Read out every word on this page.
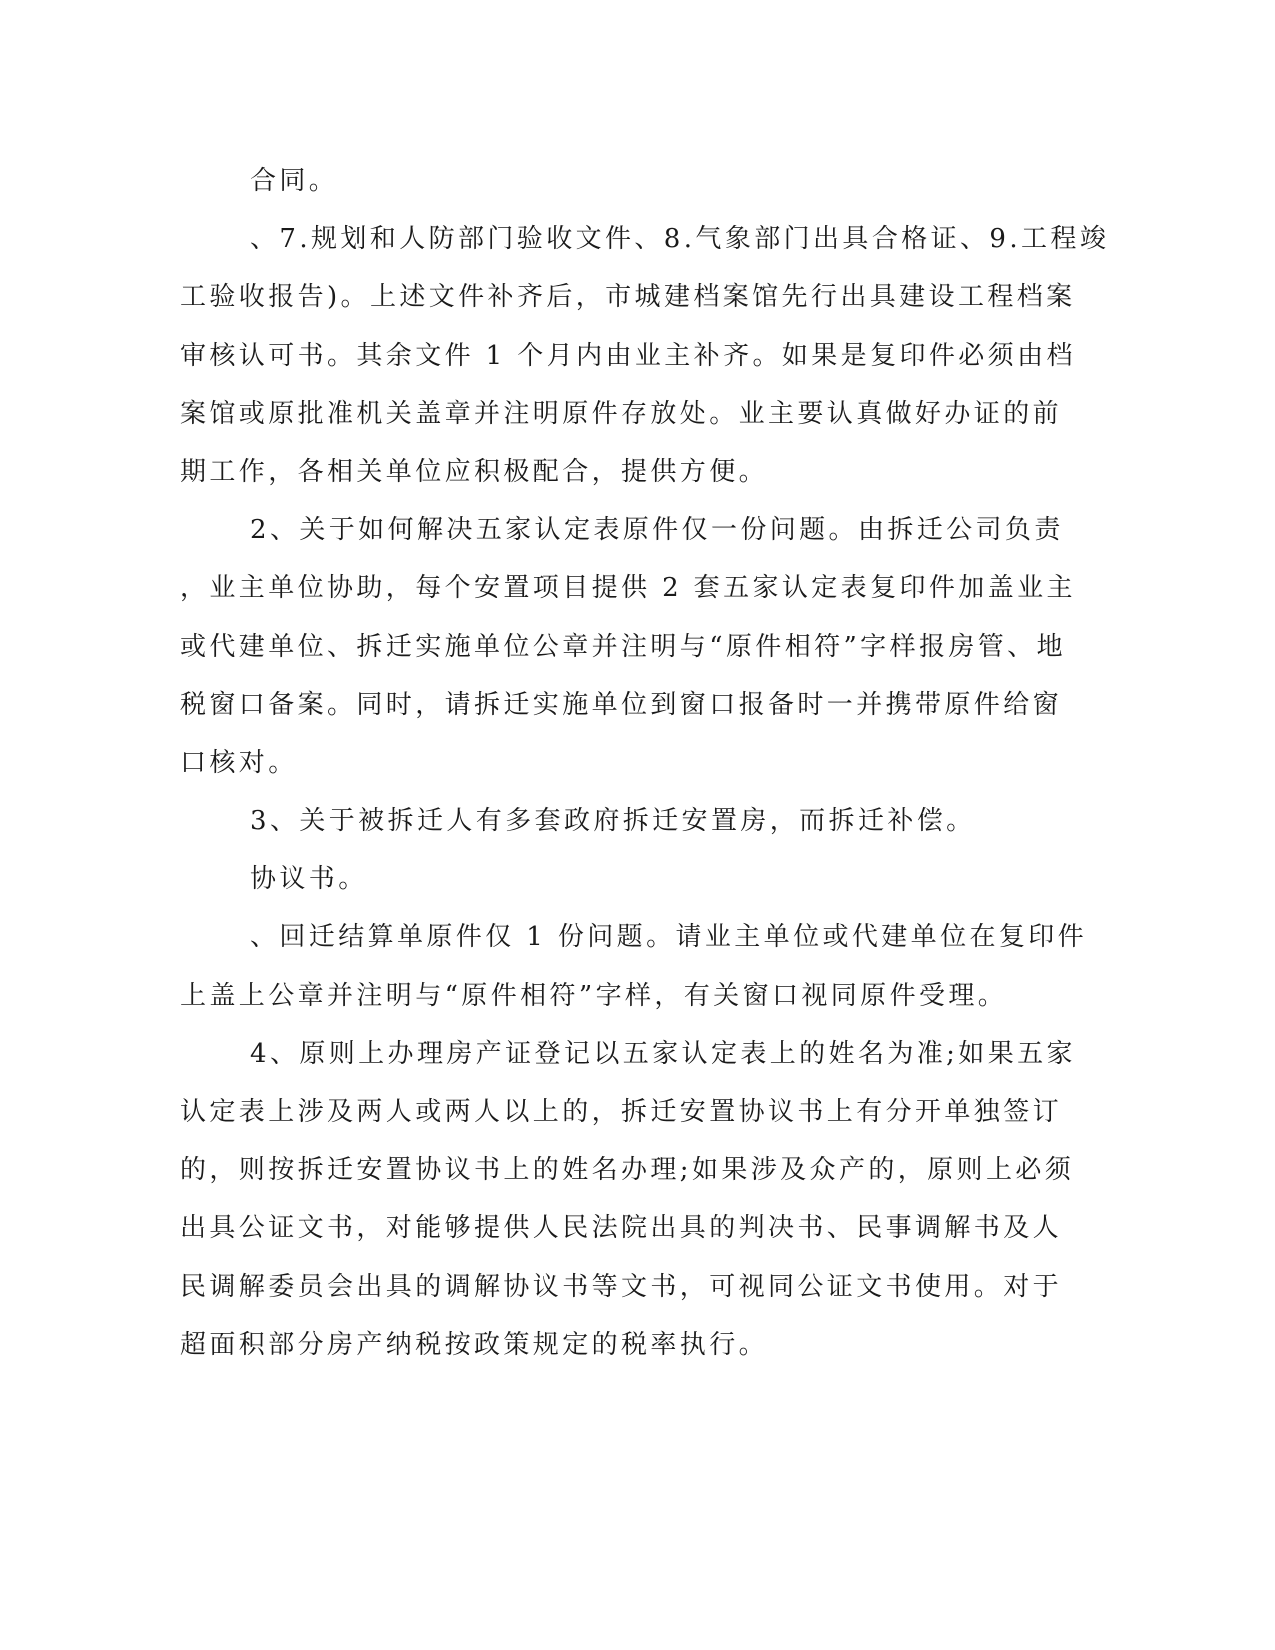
合同。
、7.规划和人防部门验收文件、8.气象部门出具合格证、9.工程竣
工验收报告)。上述文件补齐后，市城建档案馆先行出具建设工程档案
审核认可书。其余文件 1 个月内由业主补齐。如果是复印件必须由档
案馆或原批准机关盖章并注明原件存放处。业主要认真做好办证的前
期工作，各相关单位应积极配合，提供方便。
2、关于如何解决五家认定表原件仅一份问题。由拆迁公司负责
，业主单位协助，每个安置项目提供 2 套五家认定表复印件加盖业主
或代建单位、拆迁实施单位公章并注明与“原件相符”字样报房管、地
税窗口备案。同时，请拆迁实施单位到窗口报备时一并携带原件给窗
口核对。
3、关于被拆迁人有多套政府拆迁安置房，而拆迁补偿。
协议书。
、回迁结算单原件仅 1 份问题。请业主单位或代建单位在复印件
上盖上公章并注明与“原件相符”字样，有关窗口视同原件受理。
4、原则上办理房产证登记以五家认定表上的姓名为准;如果五家
认定表上涉及两人或两人以上的，拆迁安置协议书上有分开单独签订
的，则按拆迁安置协议书上的姓名办理;如果涉及众产的，原则上必须
出具公证文书，对能够提供人民法院出具的判决书、民事调解书及人
民调解委员会出具的调解协议书等文书，可视同公证文书使用。对于
超面积部分房产纳税按政策规定的税率执行。
